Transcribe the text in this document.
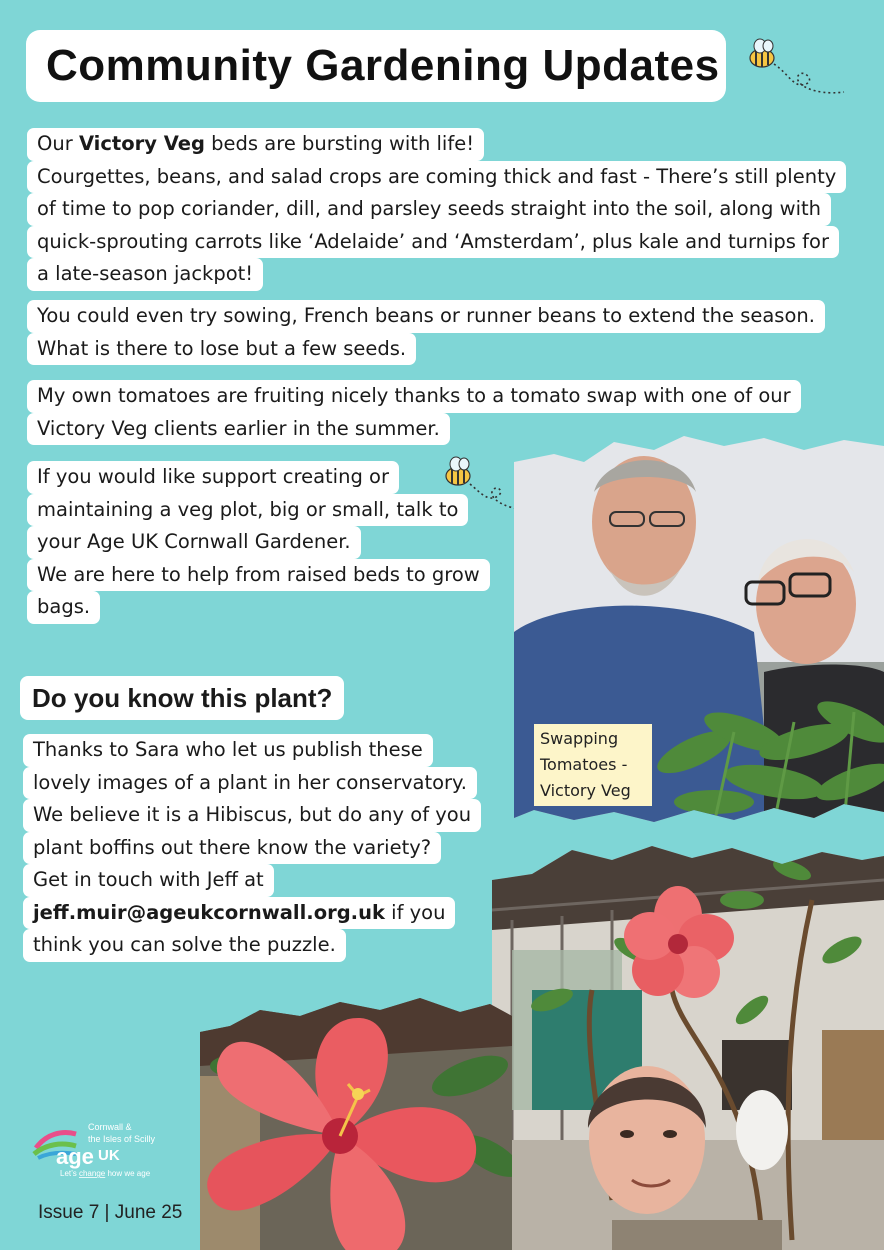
Community Gardening Updates
Our Victory Veg beds are bursting with life!
Courgettes, beans, and salad crops are coming thick and fast - There’s still plenty
of time to pop coriander, dill, and parsley seeds straight into the soil, along with
quick-sprouting carrots like ‘Adelaide’ and ‘Amsterdam’, plus kale and turnips for
a late-season jackpot!
You could even try sowing, French beans or runner beans to extend the season.
What is there to lose but a few seeds.
My own tomatoes are fruiting nicely thanks to a tomato swap with one of our
Victory Veg clients earlier in the summer.
If you would like support creating or
maintaining a veg plot, big or small, talk to
your Age UK Cornwall Gardener.
We are here to help from raised beds to grow
bags.
Swapping
Tomatoes -
Victory Veg
Do you know this plant?
Thanks to Sara who let us publish these
lovely images of a plant in her conservatory.
We believe it is a Hibiscus, but do any of you
plant boffins out there know the variety?
Get in touch with Jeff at
jeff.muir@ageukcornwall.org.uk if you
think you can solve the puzzle.
Cornwall &
the Isles of Scilly
age UK
Let’s change how we age
Issue 7 | June 25
